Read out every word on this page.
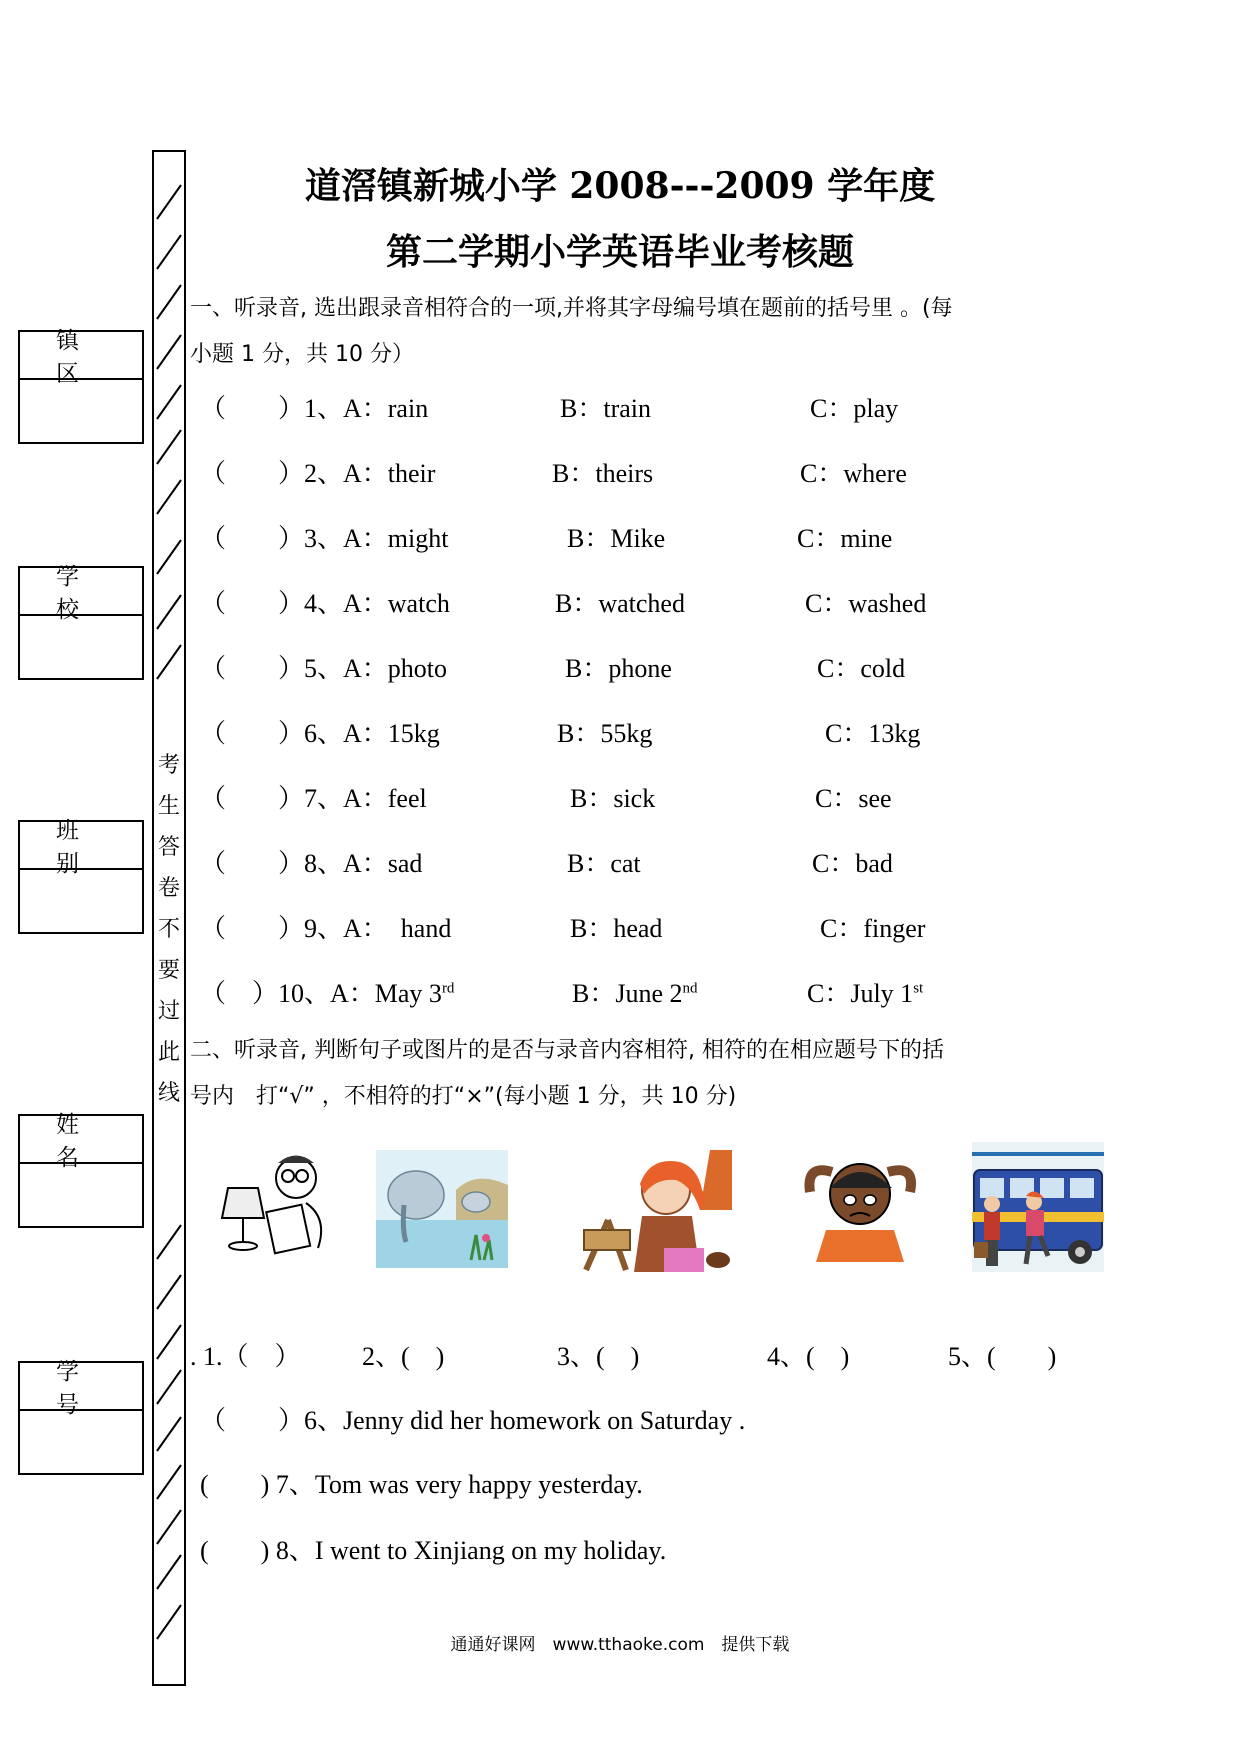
考
生
答
卷
不
要
过
此
线
镇区
学校
班别
姓名
学号
道滘镇新城小学 2008---2009 学年度
第二学期小学英语毕业考核题
一、听录音, 选出跟录音相符合的一项,并将其字母编号填在题前的括号里 。(每
小题 1 分，共 10 分）
（　　）1、A：rain	B：train	C：play
（　　）2、A：their	B：theirs	C：where
（　　）3、A：might	B：Mike	C：mine
（　　）4、A：watch	B：watched	C：washed
（　　）5、A：photo	B：phone	C：cold
（　　）6、A：15kg	B：55kg	C：13kg
（　　）7、A：feel	B：sick	C：see
（　　）8、A：sad	B：cat	C：bad
（　　）9、A：　hand	B：head	C：finger
（　）10、A：May 3rd	B：June 2nd	C：July 1st
二、听录音, 判断句子或图片的是否与录音内容相符, 相符的在相应题号下的括
号内　打“√” ，不相符的打“×”(每小题 1 分，共 10 分)
. 1.（　） 2、(　)	3、(　)	4、(　)	5、(　　)
（　　）6、Jenny did her homework on Saturday .
(　　) 7、Tom was very happy yesterday.
(　　) 8、I went to Xinjiang on my holiday.
通通好课网　www.tthaoke.com　提供下载
